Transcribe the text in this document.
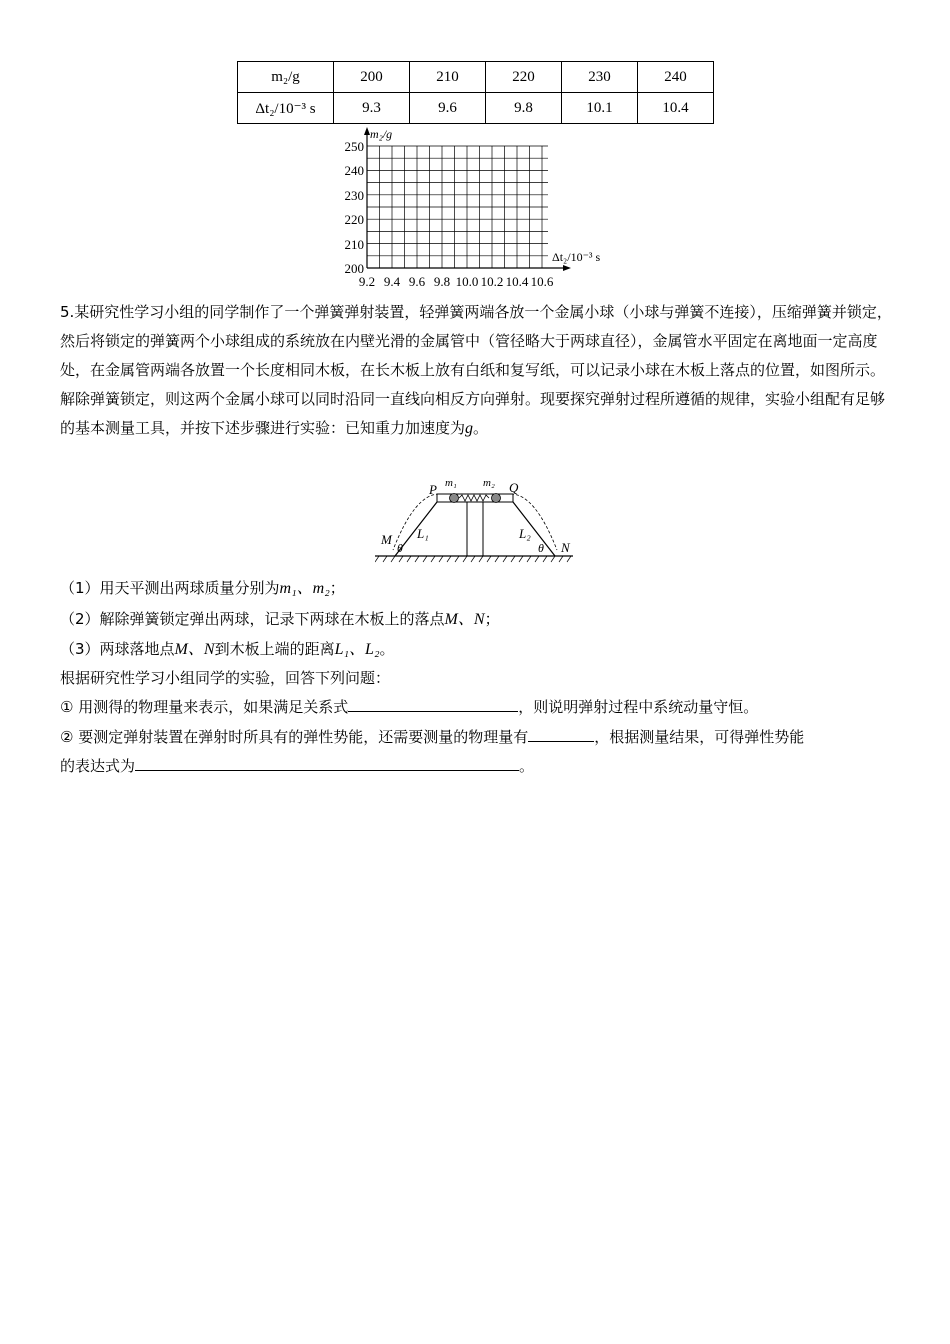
m₂/g	200	210	220	230	240
Δt₂/10⁻³ s	9.3	9.6	9.8	10.1	10.4
m₂/g
Δt₂/10⁻³ s
250
240
230
220
210
200
9.2 9.4 9.6 9.8 10.0 10.2 10.4 10.6
5.某研究性学习小组的同学制作了一个弹簧弹射装置，轻弹簧两端各放一个金属小球（小球与弹簧不连接），压缩弹簧并锁定，然后将锁定的弹簧两个小球组成的系统放在内壁光滑的金属管中（管径略大于两球直径），金属管水平固定在离地面一定高度处，在金属管两端各放置一个长度相同木板，在长木板上放有白纸和复写纸，可以记录小球在木板上落点的位置，如图所示。解除弹簧锁定，则这两个金属小球可以同时沿同一直线向相反方向弹射。现要探究弹射过程所遵循的规律，实验小组配有足够的基本测量工具，并按下述步骤进行实验：已知重力加速度为g。
P	Q
m₁ m₂
L₁	L₂
M
N
θ	θ
（1）用天平测出两球质量分别为m₁、m₂；
（2）解除弹簧锁定弹出两球，记录下两球在木板上的落点M、N；
（3）两球落地点M、N到木板上端的距离L₁、L₂。
根据研究性学习小组同学的实验，回答下列问题：
① 用测得的物理量来表示，如果满足关系式	，则说明弹射过程中系统动量守恒。
② 要测定弹射装置在弹射时所具有的弹性势能，还需要测量的物理量有	，根据测量结果，可得弹性势能
的表达式为	。
